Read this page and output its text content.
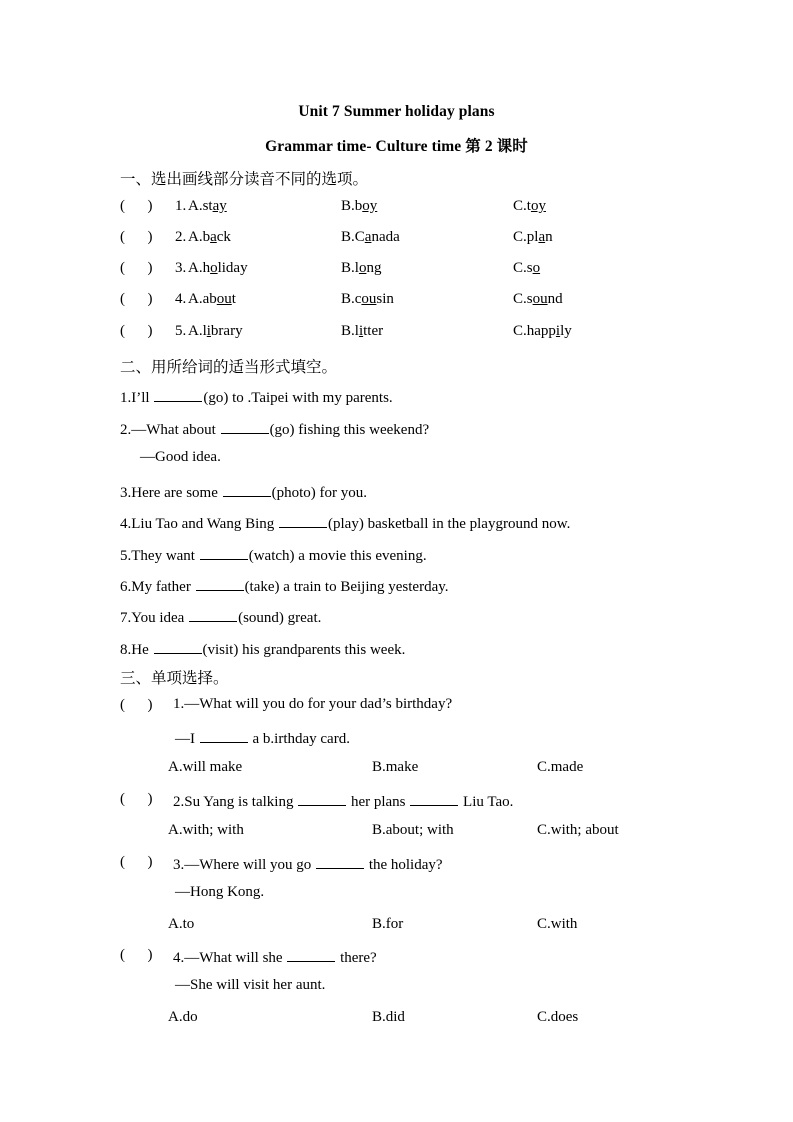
Unit 7 Summer holiday plans
Grammar time- Culture time 第 2 课时
一、选出画线部分读音不同的选项。
(      ) 1. A.stay	B.boy	C.toy
(      ) 2. A.back	B.Canada	C.plan
(      ) 3. A.holiday	B.long	C.so
(      ) 4. A.about	B.cousin	C.sound
(      ) 5. A.library	B.litter	C.happily
二、用所给词的适当形式填空。
1.I’ll	(go) to .Taipei with my parents.
2.—What about	(go) fishing this weekend?
—Good idea.
3.Here are some	(photo) for you.
4.Liu Tao and Wang Bing	(play) basketball in the playground now.
5.They want	(watch) a movie this evening.
6.My father	(take) a train to Beijing yesterday.
7.You idea	(sound) great.
8.He	(visit) his grandparents this week.
三、单项选择。
(      ) 1.—What will you do for your dad’s birthday?
—I	a b.irthday card.
A.will make	B.make	C.made
(      ) 2.Su Yang is talking	her plans	Liu Tao.
A.with; with	B.about; with	C.with; about
(      ) 3.—Where will you go	the holiday?
—Hong Kong.
A.to	B.for	C.with
(      ) 4.—What will she	there?
—She will visit her aunt.
A.do	B.did	C.does
